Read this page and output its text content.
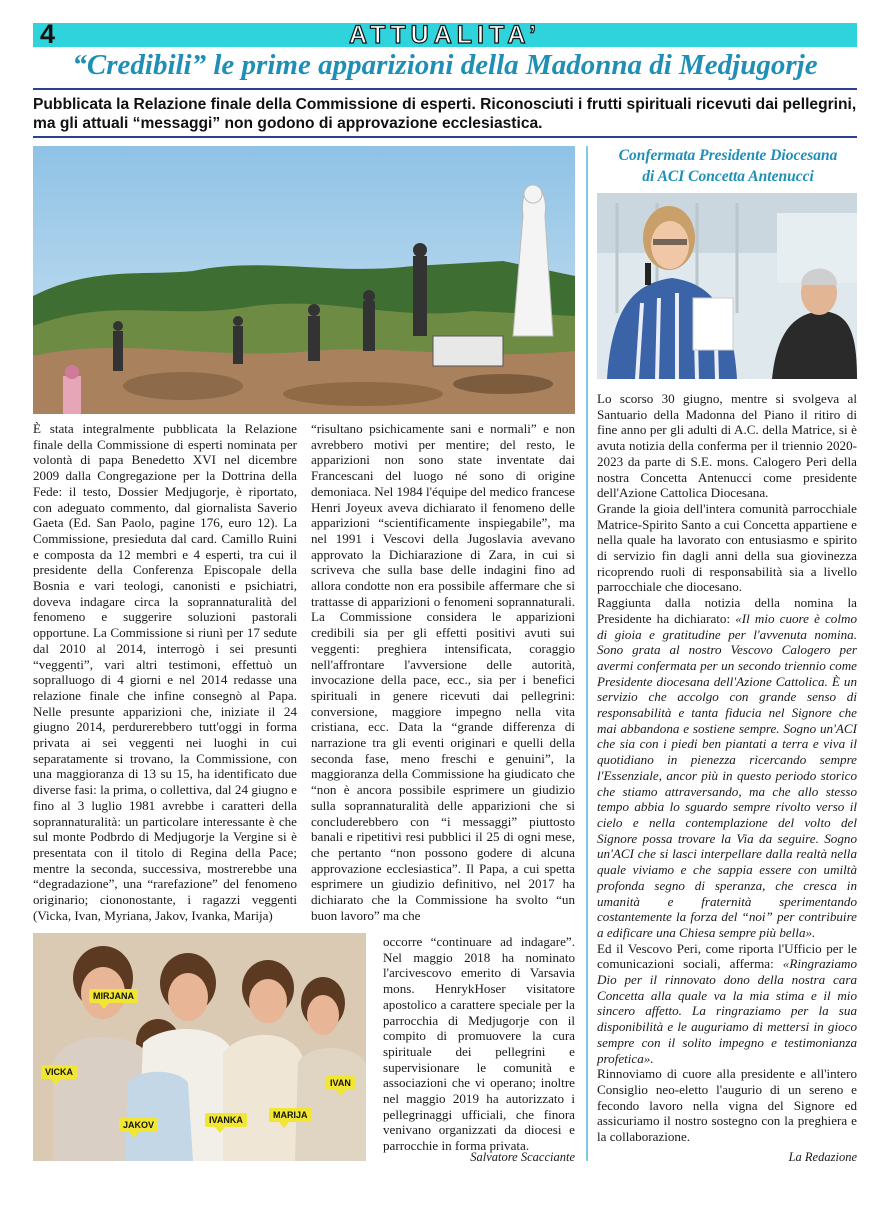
4	ATTUALITA’
“Credibili” le prime apparizioni della Madonna di Medjugorje
Pubblicata la Relazione finale della Commissione di esperti. Riconosciuti i frutti spirituali ricevuti dai pellegrini, ma gli attuali “messaggi” non godono di approvazione ecclesiastica.

È stata integralmente pubblicata la Relazione finale della Commissione di esperti nominata per volontà di papa Benedetto XVI nel dicembre 2009 dalla Congregazione per la Dottrina della Fede: il testo, Dossier Medjugorje, è riportato, con adeguato commento, dal giornalista Saverio Gaeta (Ed. San Paolo, pagine 176, euro 12). La Commissione, presieduta dal card. Camillo Ruini e composta da 12 membri e 4 esperti, tra cui il presidente della Conferenza Episcopale della Bosnia e vari teologi, canonisti e psichiatri, doveva indagare circa la soprannaturalità del fenomeno e suggerire soluzioni pastorali opportune. La Commissione si riunì per 17 sedute dal 2010 al 2014, interrogò i sei presunti “veggenti”, vari altri testimoni, effettuò un sopralluogo di 4 giorni e nel 2014 redasse una relazione finale che infine consegnò al Papa. Nelle presunte apparizioni che, iniziate il 24 giugno 2014, perdurerebbero tutt'oggi in forma privata ai sei veggenti nei luoghi in cui separatamente si trovano, la Commissione, con una maggioranza di 13 su 15, ha identificato due diverse fasi: la prima, o collettiva, dal 24 giugno e fino al 3 luglio 1981 avrebbe i caratteri della soprannaturalità: un particolare interessante è che sul monte Podbrdo di Medjugorje la Vergine si è presentata con il titolo di Regina della Pace; mentre la seconda, successiva, mostrerebbe una “degradazione”, una “rarefazione” del fenomeno originario; ciononostante, i ragazzi veggenti (Vicka, Ivan, Myriana, Jakov, Ivanka, Marija)

“risultano psichicamente sani e normali” e non avrebbero motivi per mentire; del resto, le apparizioni non sono state inventate dai Francescani del luogo né sono di origine demoniaca. Nel 1984 l'équipe del medico francese Henri Joyeux aveva dichiarato il fenomeno delle apparizioni “scientificamente inspiegabile”, ma nel 1991 i Vescovi della Jugoslavia avevano approvato la Dichiarazione di Zara, in cui si scriveva che sulla base delle indagini fino ad allora condotte non era possibile affermare che si trattasse di apparizioni o fenomeni soprannaturali. La Commissione considera le apparizioni credibili sia per gli effetti positivi avuti sui veggenti: preghiera intensificata, coraggio nell'affrontare l'avversione delle autorità, invocazione della pace, ecc., sia per i benefici spirituali in genere ricevuti dai pellegrini: conversione, maggiore impegno nella vita cristiana, ecc. Data la “grande differenza di narrazione tra gli eventi originari e quelli della seconda fase, meno freschi e genuini”, la maggioranza della Commissione ha giudicato che “non è ancora possibile esprimere un giudizio sulla soprannaturalità delle apparizioni che si concluderebbero con “i messaggi” piuttosto banali e ripetitivi resi pubblici il 25 di ogni mese, che pertanto “non possono godere di alcuna approvazione ecclesiastica”. Il Papa, a cui spetta esprimere un giudizio definitivo, nel 2017 ha dichiarato che la Commissione ha svolto “un buon lavoro” ma che

MIRJANA
VICKA
JAKOV	IVANKA	MARIJA
IVAN

occorre “continuare ad indagare”. Nel maggio 2018 ha nominato l'arcivescovo emerito di Varsavia mons. HenrykHoser visitatore apostolico a carattere speciale per la parrocchia di Medjugorje con il compito di promuovere la cura spirituale dei pellegrini e supervisionare le comunità e associazioni che vi operano; inoltre nel maggio 2019 ha autorizzato i pellegrinaggi ufficiali, che finora venivano organizzati da diocesi e parrocchie in forma privata.

Salvatore Scacciante
Confermata Presidente Diocesana
di ACI Concetta Antenucci

Lo scorso 30 giugno, mentre si svolgeva al Santuario della Madonna del Piano il ritiro di fine anno per gli adulti di A.C. della Matrice, si è avuta notizia della conferma per il triennio 2020-2023 da parte di S.E. mons. Calogero Peri della nostra Concetta Antenucci come presidente dell'Azione Cattolica Diocesana.

Grande la gioia dell'intera comunità parrocchiale Matrice-Spirito Santo a cui Concetta appartiene e nella quale ha lavorato con entusiasmo e spirito di servizio fin dagli anni della sua giovinezza ricoprendo ruoli di responsabilità sia a livello parrocchiale che diocesano.

Raggiunta dalla notizia della nomina la Presidente ha dichiarato: «Il mio cuore è colmo di gioia e gratitudine per l'avvenuta nomina. Sono grata al nostro Vescovo Calogero per avermi confermata per un secondo triennio come Presidente diocesana dell'Azione Cattolica. È un servizio che accolgo con grande senso di responsabilità e tanta fiducia nel Signore che mai abbandona e sostiene sempre. Sogno un'ACI che sia con i piedi ben piantati a terra e viva il quotidiano in pienezza ricercando sempre l'Essenziale, ancor più in questo periodo storico che stiamo attraversando, ma che allo stesso tempo abbia lo sguardo sempre rivolto verso il cielo e nella contemplazione del volto del Signore possa trovare la Via da seguire. Sogno un'ACI che si lasci interpellare dalla realtà nella quale viviamo e che sappia essere con umiltà profonda segno di speranza, che cresca in umanità e fraternità sperimentando costantemente la forza del “noi” per contribuire a edificare una Chiesa sempre più bella».

Ed il Vescovo Peri, come riporta l'Ufficio per le comunicazioni sociali, afferma: «Ringraziamo Dio per il rinnovato dono della nostra cara Concetta alla quale va la mia stima e il mio sincero affetto. La ringraziamo per la sua disponibilità e le auguriamo di mettersi in gioco sempre con il solito impegno e testimonianza profetica».

Rinnoviamo di cuore alla presidente e all'intero Consiglio neo-eletto l'augurio di un sereno e fecondo lavoro nella vigna del Signore ed assicuriamo il nostro sostegno con la preghiera e la collaborazione.

La Redazione
